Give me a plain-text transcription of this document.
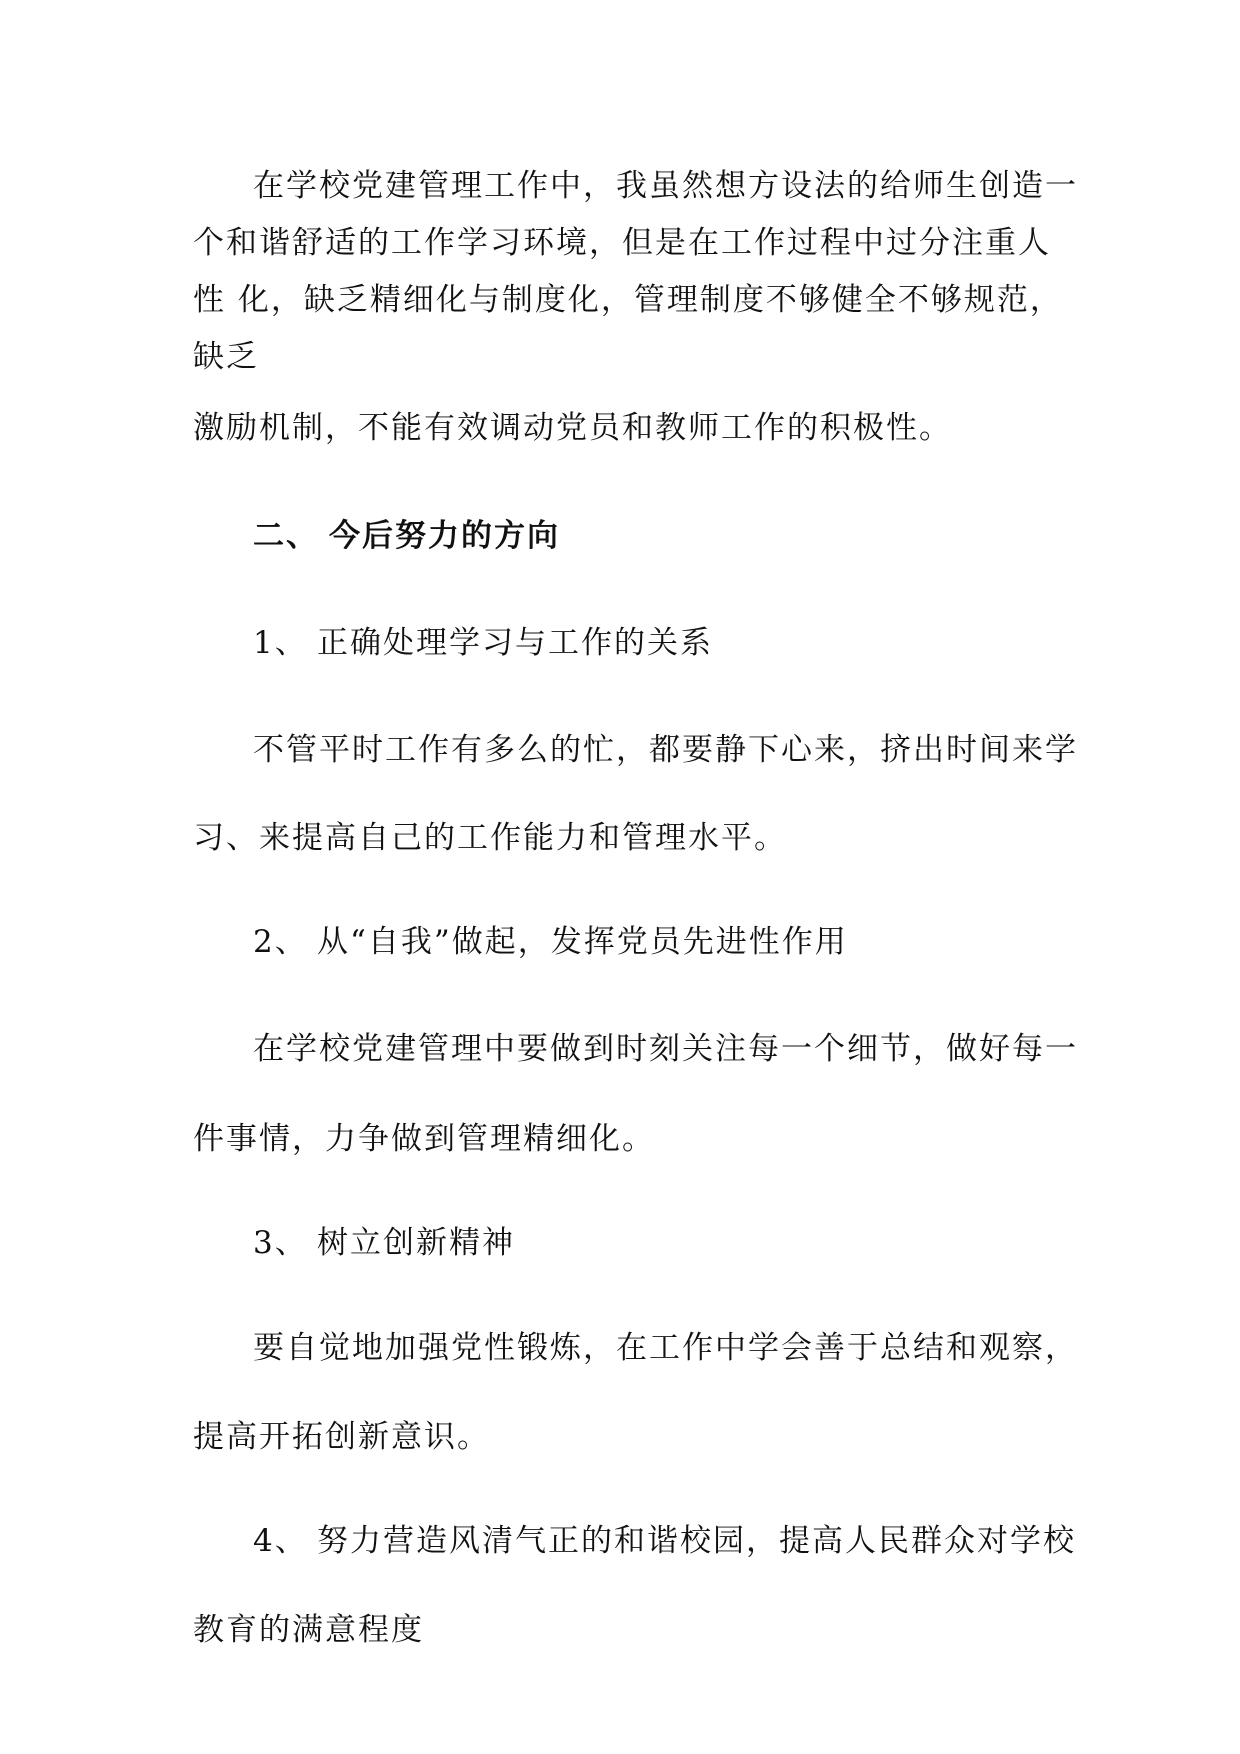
在学校党建管理工作中，我虽然想方设法的给师生创造一
个和谐舒适的工作学习环境，但是在工作过程中过分注重人
性 化，缺乏精细化与制度化，管理制度不够健全不够规范，
缺乏
激励机制，不能有效调动党员和教师工作的积极性。
二、 今后努力的方向
1、 正确处理学习与工作的关系
不管平时工作有多么的忙，都要静下心来，挤出时间来学
习、来提高自己的工作能力和管理水平。
2、 从“自我”做起，发挥党员先进性作用
在学校党建管理中要做到时刻关注每一个细节，做好每一
件事情，力争做到管理精细化。
3、 树立创新精神
要自觉地加强党性锻炼，在工作中学会善于总结和观察，
提高开拓创新意识。
4、 努力营造风清气正的和谐校园，提高人民群众对学校
教育的满意程度
